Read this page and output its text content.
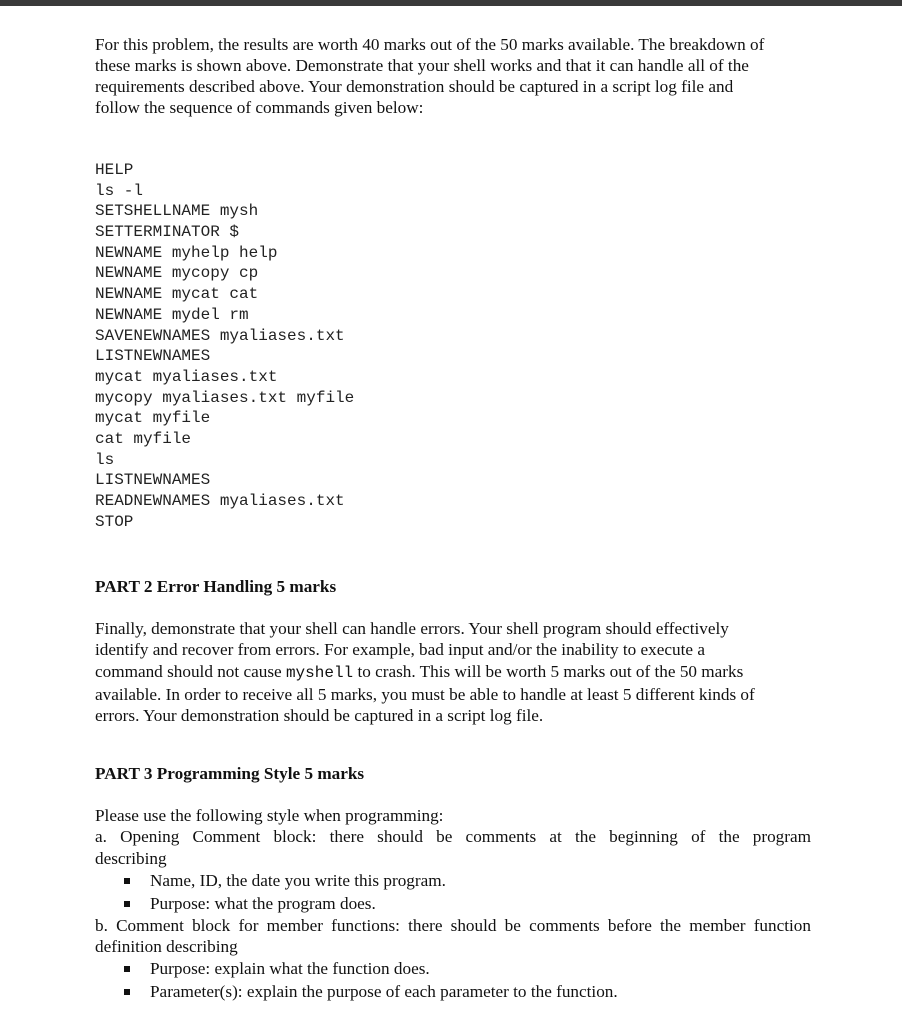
For this problem, the results are worth 40 marks out of the 50 marks available. The breakdown of

these marks is shown above. Demonstrate that your shell works and that it can handle all of the

requirements described above. Your demonstration should be captured in a script log file and

follow the sequence of commands given below:

HELP
ls -l
SETSHELLNAME mysh
SETTERMINATOR $
NEWNAME myhelp help
NEWNAME mycopy cp
NEWNAME mycat cat
NEWNAME mydel rm
SAVENEWNAMES myaliases.txt
LISTNEWNAMES
mycat myaliases.txt
mycopy myaliases.txt myfile
mycat myfile
cat myfile
ls
LISTNEWNAMES
READNEWNAMES myaliases.txt
STOP
PART 2 Error Handling 5 marks
Finally, demonstrate that your shell can handle errors. Your shell program should effectively
identify and recover from errors. For example, bad input and/or the inability to execute a
command should not cause myshell to crash. This will be worth 5 marks out of the 50 marks
available. In order to receive all 5 marks, you must be able to handle at least 5 different kinds of
errors. Your demonstration should be captured in a script log file.
PART 3 Programming Style 5 marks
Please use the following style when programming:
a. Opening Comment block: there should be comments at the beginning of the program
describing
Name, ID, the date you write this program.
Purpose: what the program does.
b. Comment block for member functions: there should be comments before the member function
definition describing
Purpose: explain what the function does.
Parameter(s): explain the purpose of each parameter to the function.
